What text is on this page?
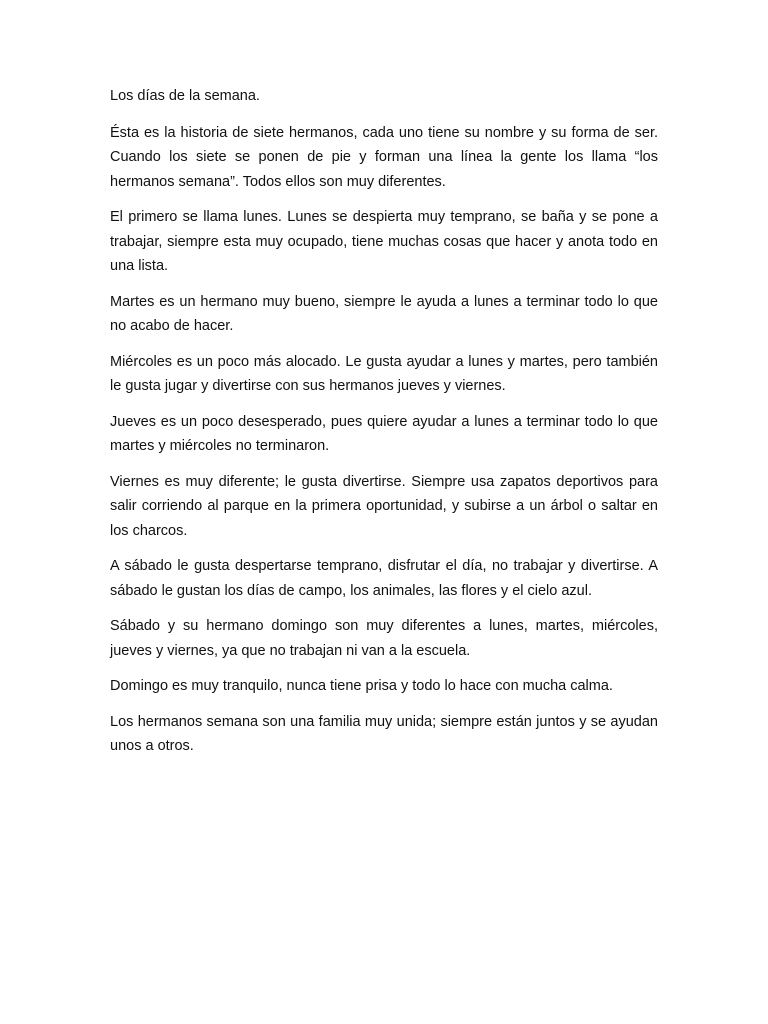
Los días de la semana.

Ésta es la historia de siete hermanos, cada uno tiene su nombre y su forma de ser. Cuando los siete se ponen de pie y forman una línea la gente los llama “los hermanos semana”. Todos ellos son muy diferentes.

El primero se llama lunes. Lunes se despierta muy temprano, se baña y se pone a trabajar, siempre esta muy ocupado, tiene muchas cosas que hacer y anota todo en una lista.

Martes es un hermano muy bueno, siempre le ayuda a lunes a terminar todo lo que no acabo de hacer.

Miércoles es un poco más alocado. Le gusta ayudar a lunes y martes, pero también le gusta jugar y divertirse con sus hermanos jueves y viernes.

Jueves es un poco desesperado, pues quiere ayudar a lunes a terminar todo lo que martes y miércoles no terminaron.

Viernes es muy diferente; le gusta divertirse. Siempre usa zapatos deportivos para salir corriendo al parque en la primera oportunidad, y subirse a un árbol o saltar en los charcos.

A sábado le gusta despertarse temprano, disfrutar el día, no trabajar y divertirse. A sábado le gustan los días de campo, los animales, las flores y el cielo azul.

Sábado y su hermano domingo son muy diferentes a lunes, martes, miércoles, jueves y viernes, ya que no trabajan ni van a la escuela.

Domingo es muy tranquilo, nunca tiene prisa y todo lo hace con mucha calma.

Los hermanos semana son una familia muy unida; siempre están juntos y se ayudan unos a otros.
